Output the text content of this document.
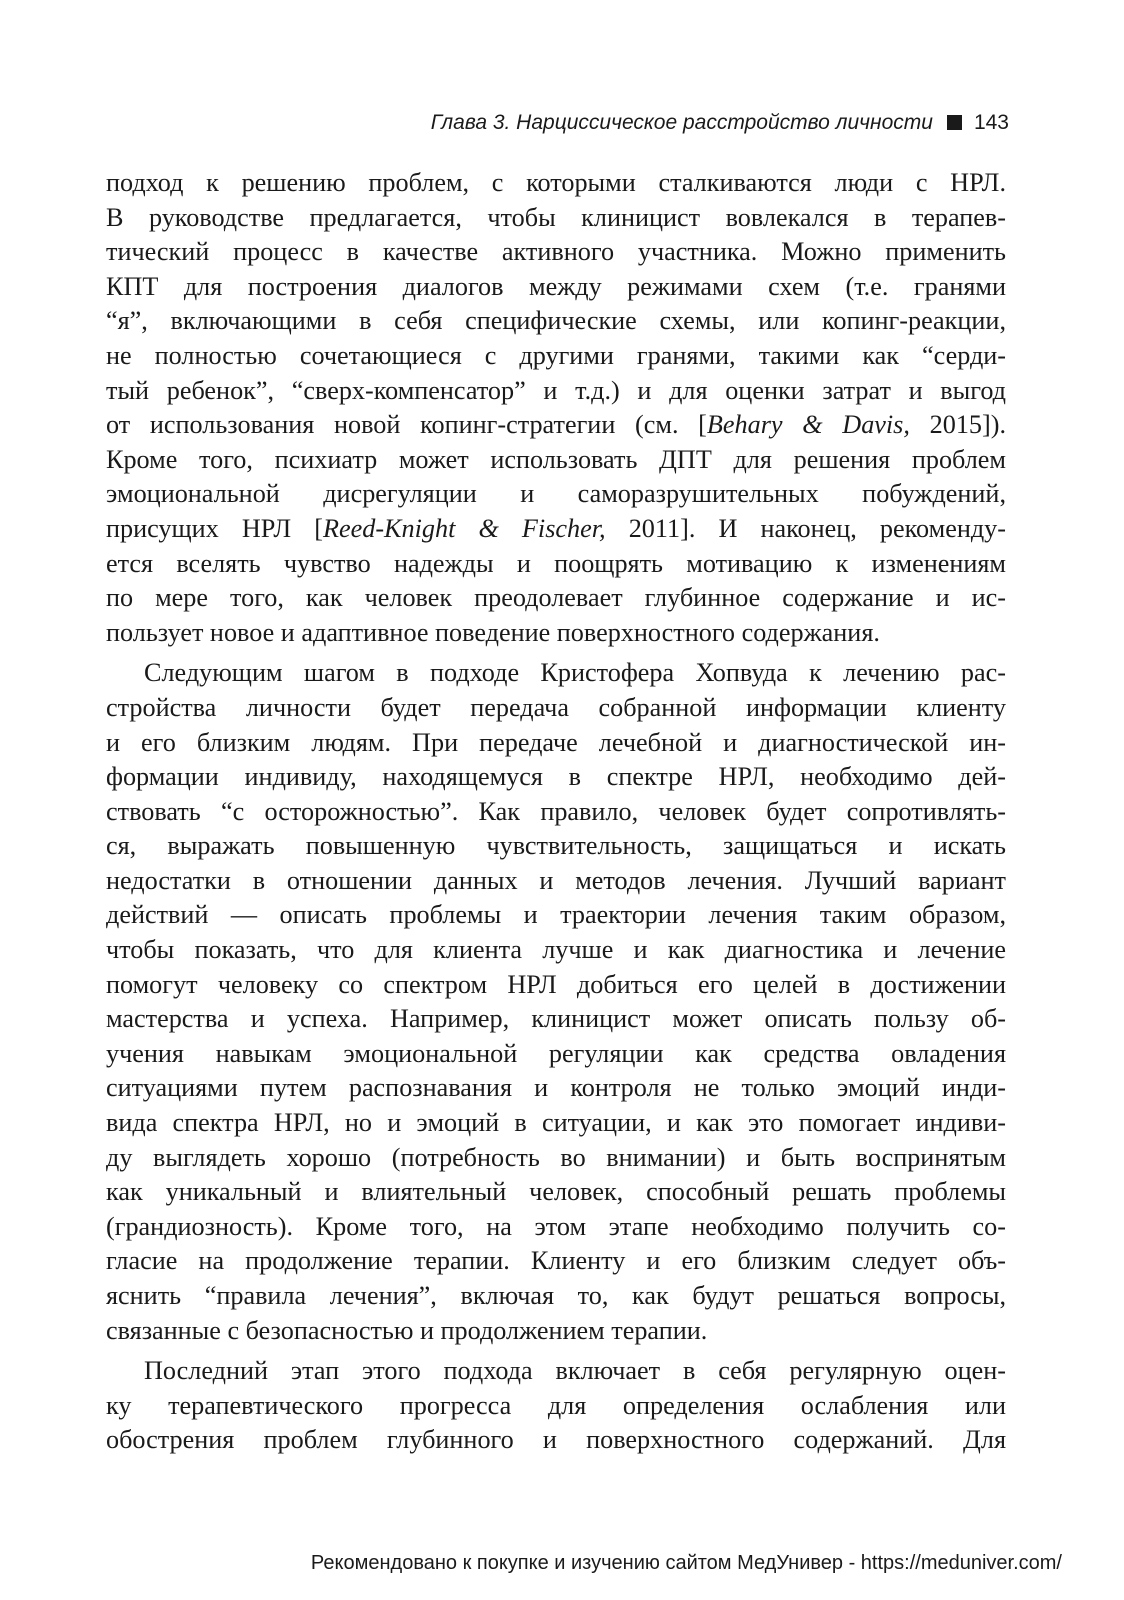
Глава 3. Нарциссическое расстройство личности 143
подход к решению проблем, с которыми сталкиваются люди с НРЛ.
В руководстве предлагается, чтобы клиницист вовлекался в терапев-
тический процесс в качестве активного участника. Можно применить
КПТ для построения диалогов между режимами схем (т.е. гранями
“я”, включающими в себя специфические схемы, или копинг-реакции,
не полностью сочетающиеся с другими гранями, такими как “серди-
тый ребенок”, “сверх-компенсатор” и т.д.) и для оценки затрат и выгод
от использования новой копинг-стратегии (см. [Behary & Davis, 2015]).
Кроме того, психиатр может использовать ДПТ для решения проблем
эмоциональной дисрегуляции и саморазрушительных побуждений,
присущих НРЛ [Reed-Knight & Fischer, 2011]. И наконец, рекоменду-
ется вселять чувство надежды и поощрять мотивацию к изменениям
по мере того, как человек преодолевает глубинное содержание и ис-
пользует новое и адаптивное поведение поверхностного содержания.
Следующим шагом в подходе Кристофера Хопвуда к лечению рас-
стройства личности будет передача собранной информации клиенту
и его близким людям. При передаче лечебной и диагностической ин-
формации индивиду, находящемуся в спектре НРЛ, необходимо дей-
ствовать “с осторожностью”. Как правило, человек будет сопротивлять-
ся, выражать повышенную чувствительность, защищаться и искать
недостатки в отношении данных и методов лечения. Лучший вариант
действий — описать проблемы и траектории лечения таким образом,
чтобы показать, что для клиента лучше и как диагностика и лечение
помогут человеку со спектром НРЛ добиться его целей в достижении
мастерства и успеха. Например, клиницист может описать пользу об-
учения навыкам эмоциональной регуляции как средства овладения
ситуациями путем распознавания и контроля не только эмоций инди-
вида спектра НРЛ, но и эмоций в ситуации, и как это помогает индиви-
ду выглядеть хорошо (потребность во внимании) и быть воспринятым
как уникальный и влиятельный человек, способный решать проблемы
(грандиозность). Кроме того, на этом этапе необходимо получить со-
гласие на продолжение терапии. Клиенту и его близким следует объ-
яснить “правила лечения”, включая то, как будут решаться вопросы,
связанные с безопасностью и продолжением терапии.
Последний этап этого подхода включает в себя регулярную оцен-
ку терапевтического прогресса для определения ослабления или
обострения проблем глубинного и поверхностного содержаний. Для
Рекомендовано к покупке и изучению сайтом МедУнивер - https://meduniver.com/
